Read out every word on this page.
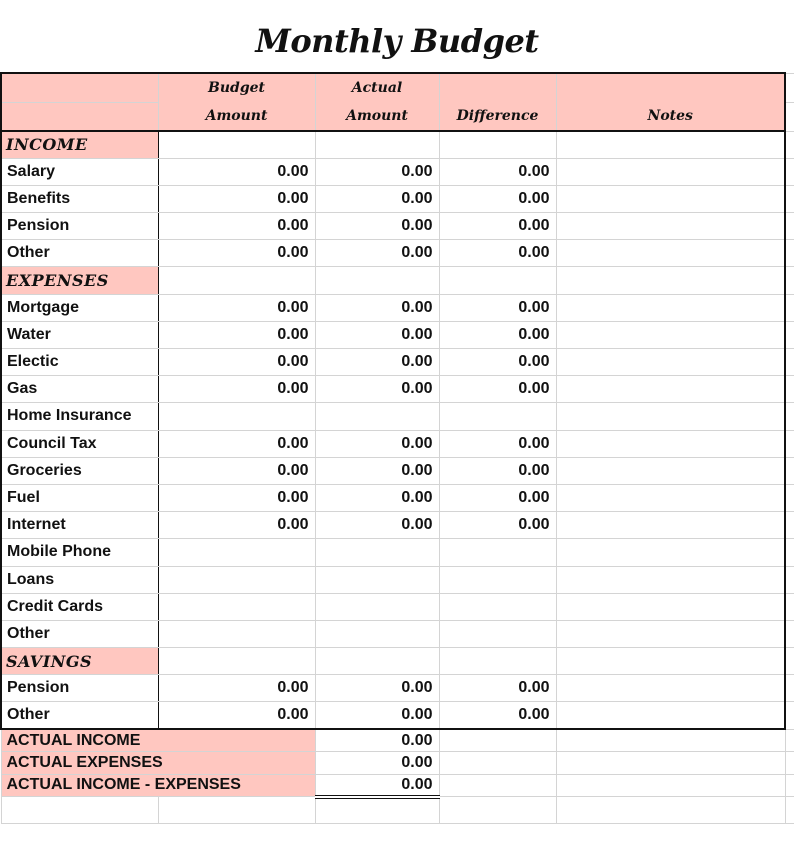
Monthly Budget
	Budget	Actual			
	Amount	Amount	Difference	Notes	
INCOME					
Salary	0.00	0.00	0.00		
Benefits	0.00	0.00	0.00		
Pension	0.00	0.00	0.00		
Other	0.00	0.00	0.00		
EXPENSES					
Mortgage	0.00	0.00	0.00		
Water	0.00	0.00	0.00		
Electic	0.00	0.00	0.00		
Gas	0.00	0.00	0.00		
Home Insurance					
Council Tax	0.00	0.00	0.00		
Groceries	0.00	0.00	0.00		
Fuel	0.00	0.00	0.00		
Internet	0.00	0.00	0.00		
Mobile Phone					
Loans					
Credit Cards					
Other					
SAVINGS					
Pension	0.00	0.00	0.00		
Other	0.00	0.00	0.00		
ACTUAL INCOME		0.00			
ACTUAL EXPENSES		0.00			
ACTUAL INCOME - EXPENSES		0.00			
